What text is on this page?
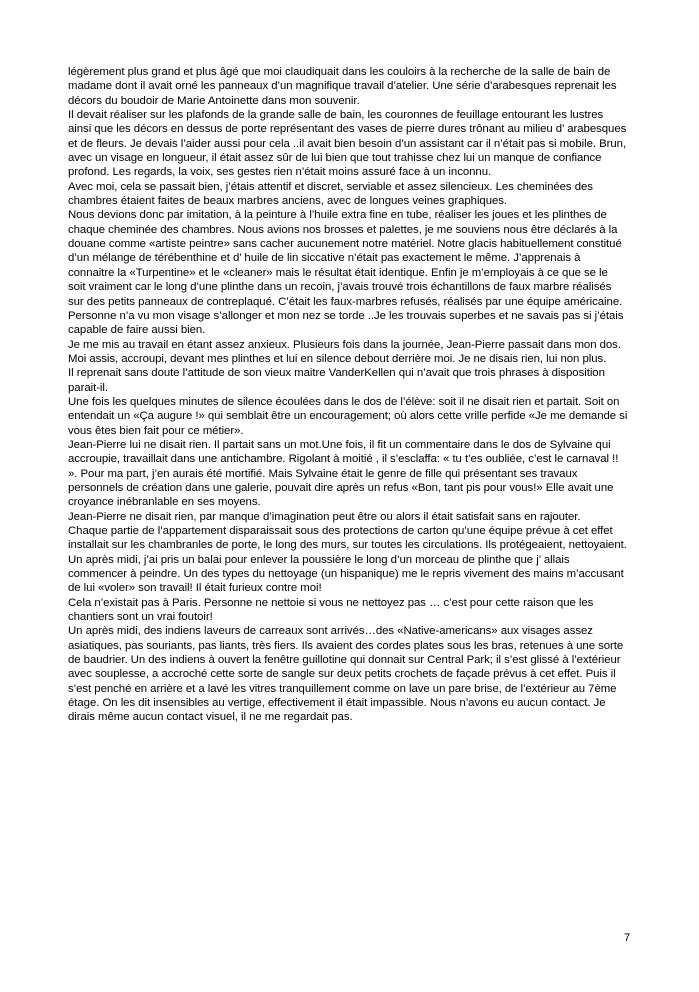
légèrement plus grand et plus âgé que moi claudiquait dans les couloirs à la recherche de la salle de bain de madame dont il avait orné les panneaux d’un magnifique travail d’atelier. Une série d’arabesques reprenait les décors du boudoir de Marie Antoinette dans mon souvenir.

Il devait réaliser sur les plafonds de la grande salle de bain, les couronnes de feuillage entourant les lustres ainsi que les décors en dessus de porte représentant des vases de pierre dures trônant au milieu d’ arabesques et de fleurs. Je devais l’aider aussi pour cela ..il avait bien besoin d’un assistant car il n’était pas si mobile. Brun, avec un visage en longueur, il était assez sûr de lui bien que tout trahisse chez lui un manque de confiance profond. Les regards, la voix, ses gestes rien n’était moins assuré face à un inconnu.

Avec moi, cela se passait bien, j’étais attentif et discret, serviable et assez silencieux. Les cheminées des chambres étaient faites de beaux marbres anciens, avec de longues veines graphiques.

Nous devions donc par imitation, à la peinture à l’huile extra fine en tube, réaliser les joues et les plinthes de chaque cheminée des chambres. Nous avions nos brosses et palettes, je me souviens nous être déclarés à la douane comme «artiste peintre» sans cacher aucunement notre matériel. Notre glacis habituellement constitué d’un mélange de térébenthine et d’ huile de lin siccative n’était pas exactement le même. J’apprenais à connaitre la «Turpentine» et le «cleaner» mais le résultat était identique. Enfin je m’employais à ce que se le soit vraiment car le long d’une plinthe dans un recoin, j’avais trouvé trois échantillons de faux marbre réalisés sur des petits panneaux de contreplaqué. C’était les faux-marbres refusés, réalisés par une équipe américaine. Personne n’a vu mon visage s’allonger et mon nez se torde ..Je les trouvais superbes et ne savais pas si j’étais capable de faire aussi bien.

Je me mis au travail en étant assez anxieux. Plusieurs fois dans la journée, Jean-Pierre passait dans mon dos. Moi assis, accroupi, devant mes plinthes et lui en silence debout derrière moi. Je ne disais rien, lui non plus.

Il reprenait sans doute l’attitude de son vieux maitre VanderKellen qui n’avait que trois phrases à disposition parait-il.

Une fois les quelques minutes de silence écoulées dans le dos de l’élève: soit il ne disait rien et partait. Soit on entendait un «Ça augure !» qui semblait être un encouragement; où alors cette vrille perfide «Je me demande si vous êtes bien fait pour ce métier».

Jean-Pierre lui ne disait rien. Il partait sans un mot.Une fois, il fit un commentaire dans le dos de Sylvaine qui accroupie, travaillait dans une antichambre. Rigolant à moitié , il s’esclaffa: « tu t’es oubliée, c’est le carnaval !! ». Pour ma part, j’en aurais été mortifié. Mais Sylvaine était le genre de fille qui présentant ses travaux personnels de création dans une galerie, pouvait dire après un refus «Bon, tant pis pour vous!» Elle avait une croyance inébranlable en ses moyens.

Jean-Pierre ne disait rien, par manque d’imagination peut être ou alors il était satisfait sans en rajouter.

Chaque partie de l’appartement disparaissait sous des protections de carton qu’une équipe prévue à cet effet installait sur les chambranles de porte, le long des murs, sur toutes les circulations. Ils protégeaient, nettoyaient. Un après midi, j’ai pris un balai pour enlever la poussière le long d’un morceau de plinthe que j’ allais commencer à peindre. Un des types du nettoyage (un hispanique) me le repris vivement des mains m’accusant de lui «voler» son travail! Il était furieux contre moi!

Cela n’existait pas à Paris. Personne ne nettoie si vous ne nettoyez pas … c’est pour cette raison que les chantiers sont un vrai foutoir!

Un après midi, des indiens laveurs de carreaux sont arrivés…des «Native-americans» aux visages assez asiatiques, pas souriants, pas liants, très fiers. Ils avaient des cordes plates sous les bras, retenues à une sorte de baudrier. Un des indiens à ouvert la fenêtre guillotine qui donnait sur Central Park; il s’est glissé à l’extérieur avec souplesse, a accroché cette sorte de sangle sur deux petits crochets de façade prévus à cet effet. Puis il s’est penché en arrière et a lavé les vitres tranquillement comme on lave un pare brise, de l’extérieur au 7ème étage. On les dit insensibles au vertige, effectivement il était impassible. Nous n’avons eu aucun contact. Je dirais même aucun contact visuel, il ne me regardait pas.

7
